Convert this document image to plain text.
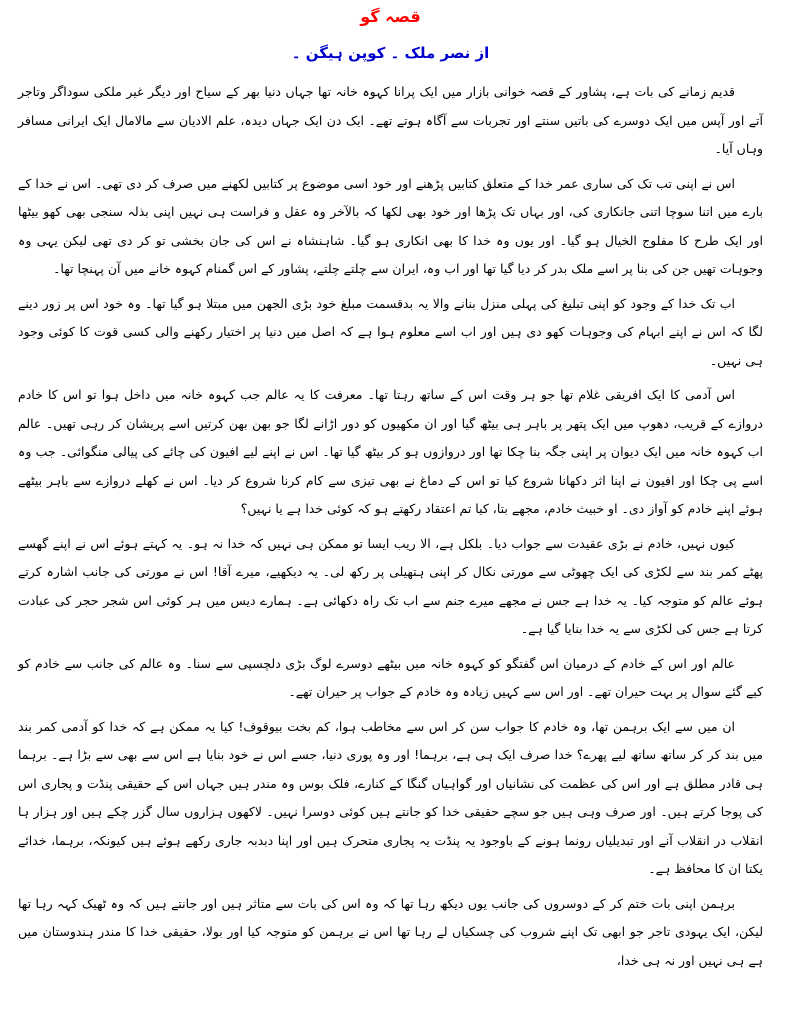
قصہ گو
از نصر ملک ۔ کوپن ہیگن ۔

قدیم زمانے کی بات ہے، پشاور کے قصہ خوانی بازار میں ایک پرانا کہوہ خانہ تھا جہاں دنیا بھر کے سیاح اور دیگر غیر ملکی سوداگر وتاجر آتے اور آپس میں ایک دوسرے کی باتیں سنتے اور تجربات سے آگاہ ہوتے تھے۔ ایک دن ایک جہاں دیدہ، علم الادیان سے مالامال ایک ایرانی مسافر وہاں آیا۔

اس نے اپنی تب تک کی ساری عمر خدا کے متعلق کتابیں پڑھنے اور خود اسی موضوع پر کتابیں لکھنے میں صرف کر دی تھی۔ اس نے خدا کے بارے میں اتنا سوچا اتنی جانکاری کی، اور بہاں تک پڑھا اور خود بھی لکھا کہ بالآخر وہ عقل و فراست ہی نہیں اپنی بذلہ سنجی بھی کھو بیٹھا اور ایک طرح کا مفلوج الخیال ہو گیا۔ اور یوں وہ خدا کا بھی انکاری ہو گیا۔ شاہنشاہ نے اس کی جان بخشی تو کر دی تھی لیکن یہی وہ وجوہات تھیں جن کی بنا پر اسے ملک بدر کر دیا گیا تھا اور اب وہ، ایران سے چلتے چلتے، پشاور کے اس گمنام کہوہ خانے میں آن پہنچا تھا۔

اب تک خدا کے وجود کو اپنی تبلیغ کی پہلی منزل بنانے والا یہ بدقسمت مبلغ خود بڑی الجھن میں مبتلا ہو گیا تھا۔ وہ خود اس پر زور دینے لگا کہ اس نے اپنے ابہام کی وجوہات کھو دی ہیں اور اب اسے معلوم ہوا ہے کہ اصل میں دنیا پر اختیار رکھنے والی کسی قوت کا کوئی وجود ہی نہیں۔

اس آدمی کا ایک افریقی غلام تھا جو ہر وقت اس کے ساتھ رہتا تھا۔ معرفت کا یہ عالم جب کہوہ خانہ میں داخل ہوا تو اس کا خادم دروازے کے قریب، دھوپ میں ایک پتھر پر باہر ہی بیٹھ گیا اور ان مکھیوں کو دور اڑانے لگا جو بھن بھن کرتیں اسے پریشان کر رہی تھیں۔ عالم اب کہوہ خانہ میں ایک دیوان پر اپنی جگہ بنا چکا تھا اور دروازوں ہو کر بیٹھ گیا تھا۔ اس نے اپنے لیے افیون کی چائے کی پیالی منگوائی۔ جب وہ اسے پی چکا اور افیون نے اپنا اثر دکھانا شروع کیا تو اس کے دماغ نے بھی تیزی سے کام کرنا شروع کر دیا۔ اس نے کھلے دروازے سے باہر بیٹھے ہوئے اپنے خادم کو آواز دی۔ او خبیث خادم، مجھے بتا، کیا تم اعتقاد رکھتے ہو کہ کوئی خدا ہے یا نہیں؟

کیوں نہیں، خادم نے بڑی عقیدت سے جواب دیا۔ بلکل ہے، الا ریب ایسا تو ممکن ہی نہیں کہ خدا نہ ہو۔ یہ کہتے ہوئے اس نے اپنے گھسے پھٹے کمر بند سے لکڑی کی ایک چھوٹی سے مورتی نکال کر اپنی ہتھیلی پر رکھ لی۔ یہ دیکھیے، میرے آقا! اس نے مورتی کی جانب اشارہ کرتے ہوئے عالم کو متوجہ کیا۔ یہ خدا ہے جس نے مجھے میرے جنم سے اب تک راہ دکھائی ہے۔ ہمارے دیس میں ہر کوئی اس شجر حجر کی عبادت کرتا ہے جس کی لکڑی سے یہ خدا بنایا گیا ہے۔

عالم اور اس کے خادم کے درمیان اس گفتگو کو کہوہ خانہ میں بیٹھے دوسرے لوگ بڑی دلچسپی سے سنا۔ وہ عالم کی جانب سے خادم کو کیے گئے سوال پر بہت حیران تھے۔ اور اس سے کہیں زیادہ وہ خادم کے جواب پر حیران تھے۔

ان میں سے ایک برہمن تھا، وہ خادم کا جواب سن کر اس سے مخاطب ہوا، کم بخت بیوقوف! کیا یہ ممکن ہے کہ خدا کو آدمی کمر بند میں بند کر کر ساتھ ساتھ لیے پھرے؟ خدا صرف ایک ہی ہے، برہما! اور وہ پوری دنیا، جسے اس نے خود بنایا ہے اس سے بھی سے بڑا ہے۔ برہما ہی قادر مطلق ہے اور اس کی عظمت کی نشانیاں اور گواہیاں گنگا کے کنارے، فلک بوس وہ مندر ہیں جہاں اس کے حقیقی پنڈت و پجاری اس کی پوجا کرتے ہیں۔ اور صرف وہی ہیں جو سچے حقیقی خدا کو جانتے ہیں کوئی دوسرا نہیں۔ لاکھوں ہزاروں سال گزر چکے ہیں اور ہزار ہا انقلاب در انقلاب آنے اور تبدیلیاں رونما ہونے کے باوجود یہ پنڈت یہ پجاری متحرک ہیں اور اپنا دبدبہ جاری رکھے ہوئے ہیں کیونکہ، برہما، خدائے یکتا ان کا محافظ ہے۔

برہمن اپنی بات ختم کر کے دوسروں کی جانب یوں دیکھ رہا تھا کہ وہ اس کی بات سے متاثر ہیں اور جانتے ہیں کہ وہ ٹھیک کہہ رہا تھا لیکن، ایک یہودی تاجر جو ابھی تک اپنے شروب کی چسکیاں لے رہا تھا اس نے برہمن کو متوجہ کیا اور بولا، حقیقی خدا کا مندر ہندوستان میں ہے ہی نہیں اور نہ ہی خدا،
